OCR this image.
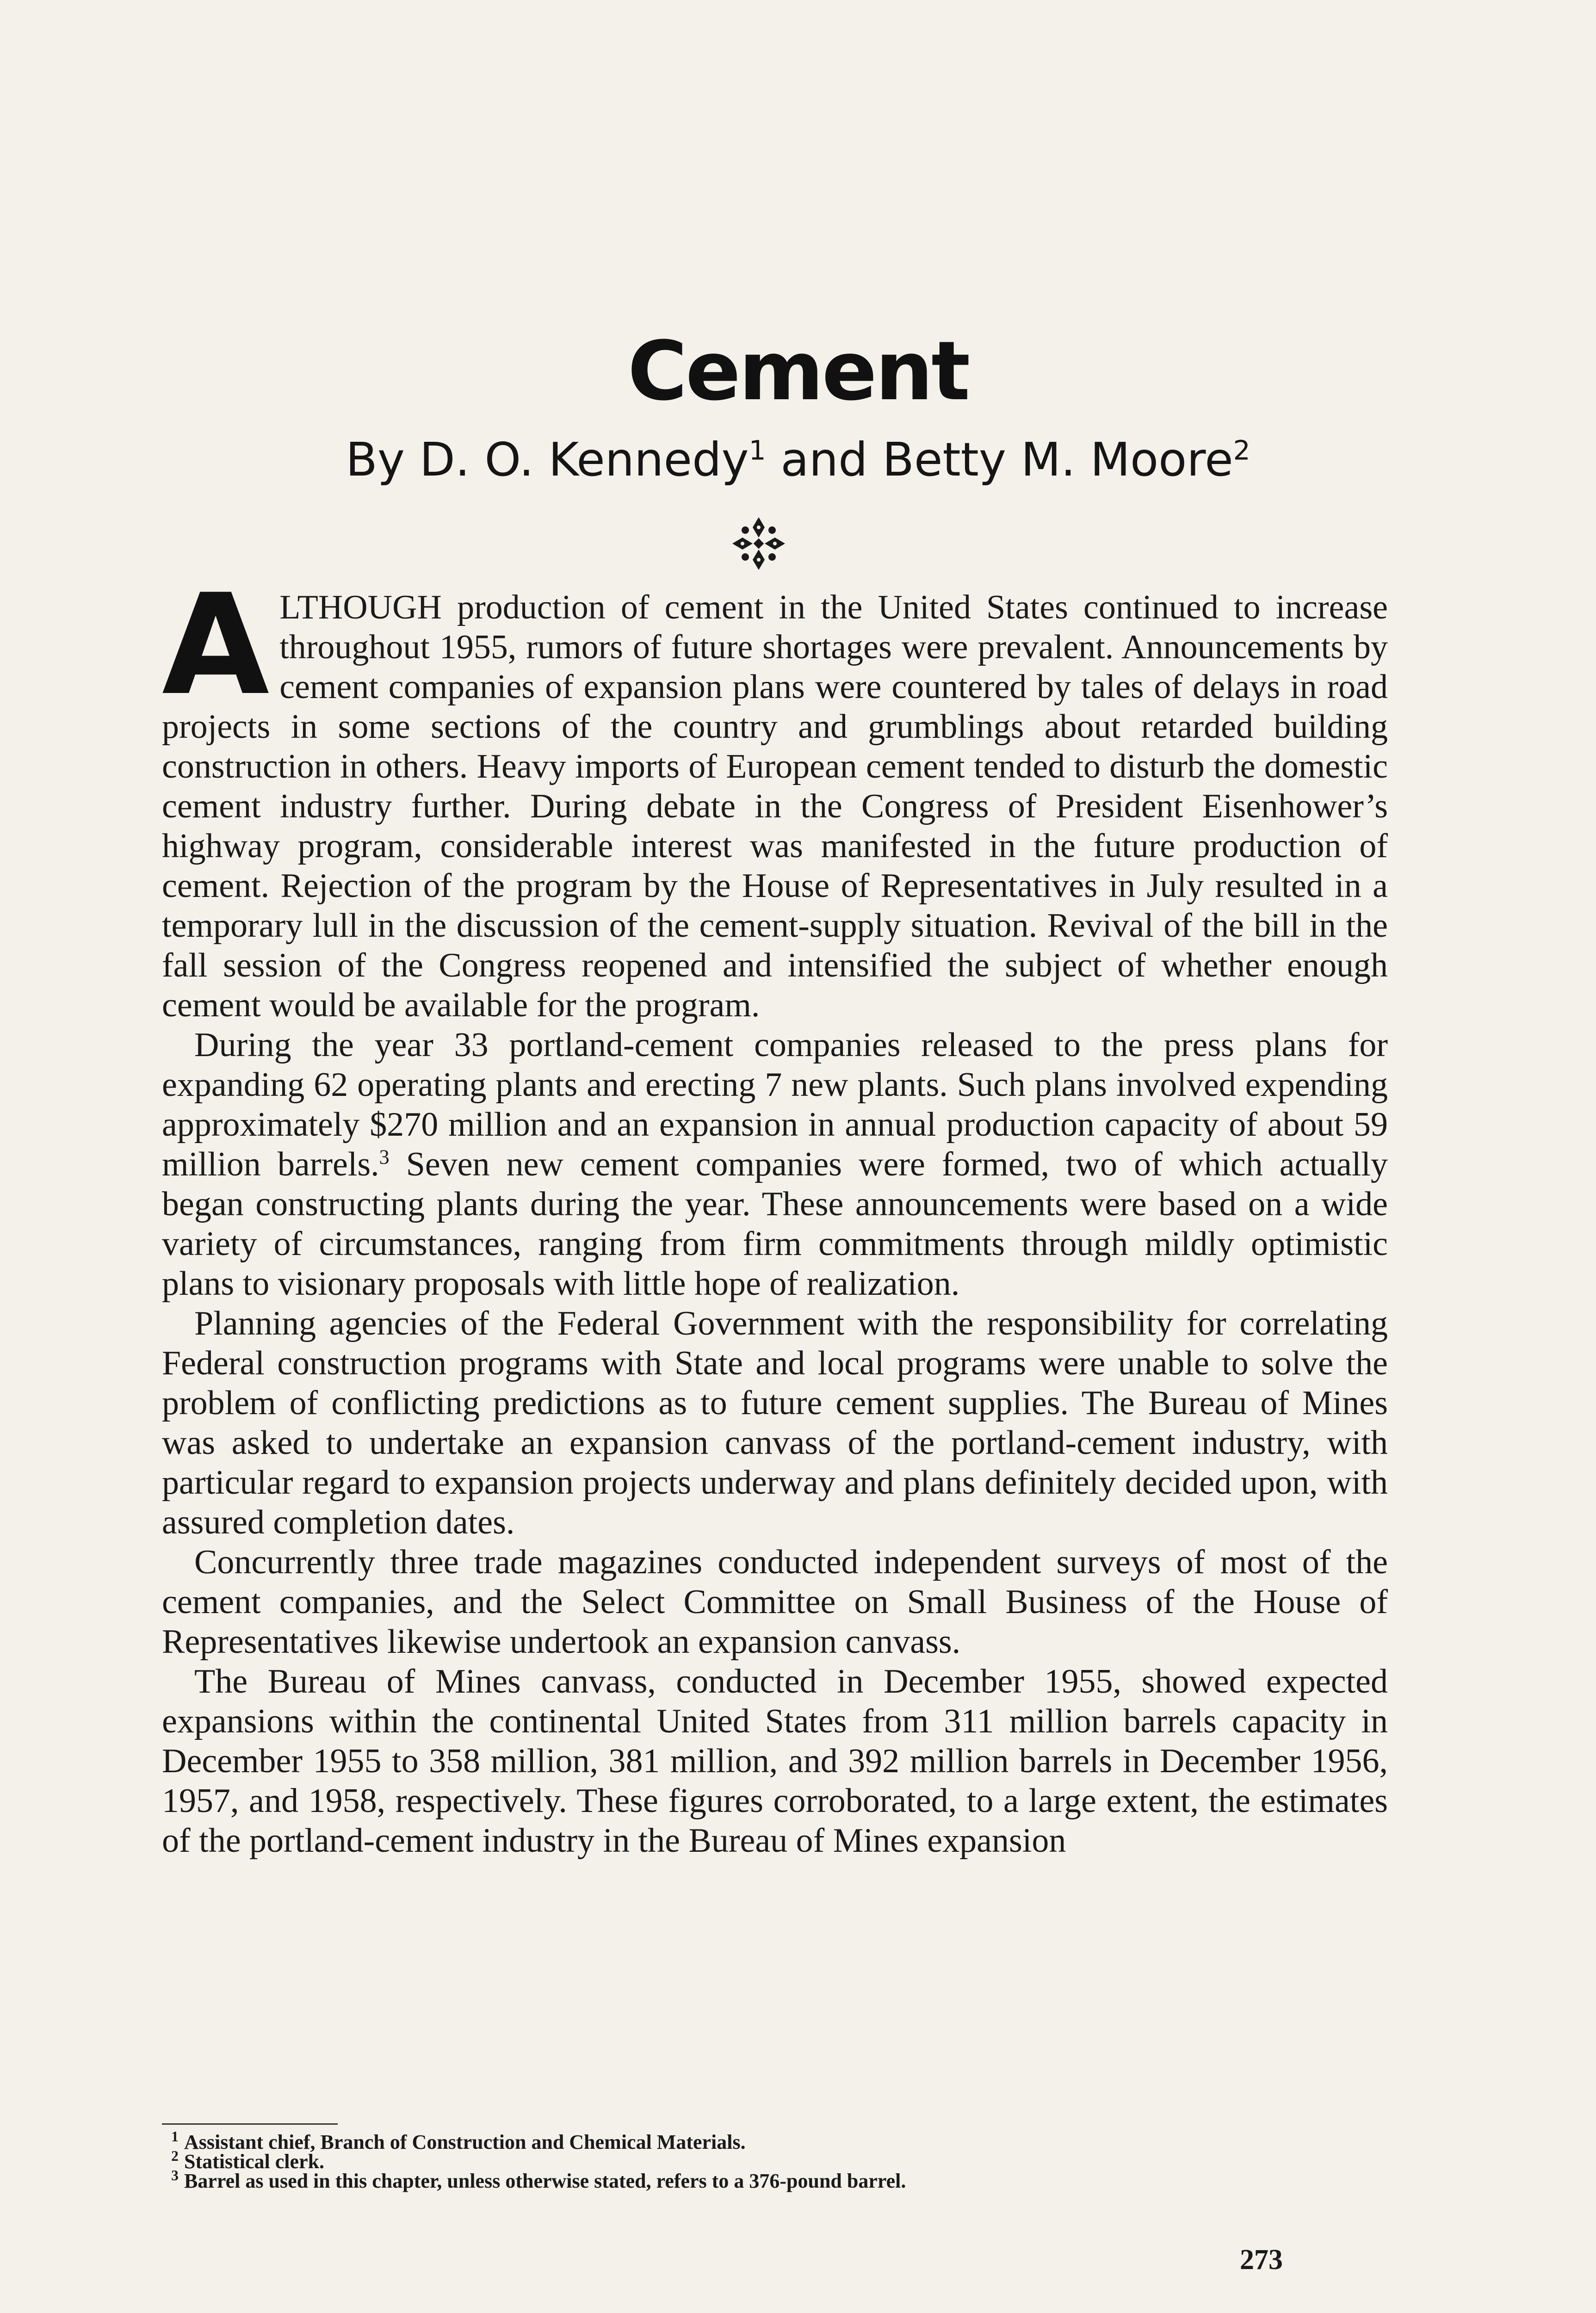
Cement
By D. O. Kennedy$^1$ and Betty M. Moore$^2$

ALTHOUGH production of cement in the United States continued to increase throughout 1955, rumors of future shortages were prevalent. Announcements by cement companies of expansion plans were countered by tales of delays in road projects in some sections of the country and grumblings about retarded building construction in others. Heavy imports of European cement tended to disturb the domestic cement industry further. During debate in the Congress of President Eisenhower’s highway program, considerable interest was manifested in the future production of cement. Rejection of the program by the House of Representatives in July resulted in a temporary lull in the discussion of the cement-supply situation. Revival of the bill in the fall session of the Congress reopened and intensified the subject of whether enough cement would be available for the program.

During the year 33 portland-cement companies released to the press plans for expanding 62 operating plants and erecting 7 new plants. Such plans involved expending approximately $270 million and an expansion in annual production capacity of about 59 million barrels.$^3$ Seven new cement companies were formed, two of which actually began constructing plants during the year. These announcements were based on a wide variety of circumstances, ranging from firm commitments through mildly optimistic plans to visionary proposals with little hope of realization.

Planning agencies of the Federal Government with the responsibility for correlating Federal construction programs with State and local programs were unable to solve the problem of conflicting predictions as to future cement supplies. The Bureau of Mines was asked to undertake an expansion canvass of the portland-cement industry, with particular regard to expansion projects underway and plans definitely decided upon, with assured completion dates.

Concurrently three trade magazines conducted independent surveys of most of the cement companies, and the Select Committee on Small Business of the House of Representatives likewise undertook an expansion canvass.

The Bureau of Mines canvass, conducted in December 1955, showed expected expansions within the continental United States from 311 million barrels capacity in December 1955 to 358 million, 381 million, and 392 million barrels in December 1956, 1957, and 1958, respectively. These figures corroborated, to a large extent, the estimates of the portland-cement industry in the Bureau of Mines expansion

$^1$ Assistant chief, Branch of Construction and Chemical Materials.
$^2$ Statistical clerk.
$^3$ Barrel as used in this chapter, unless otherwise stated, refers to a 376-pound barrel.
273
